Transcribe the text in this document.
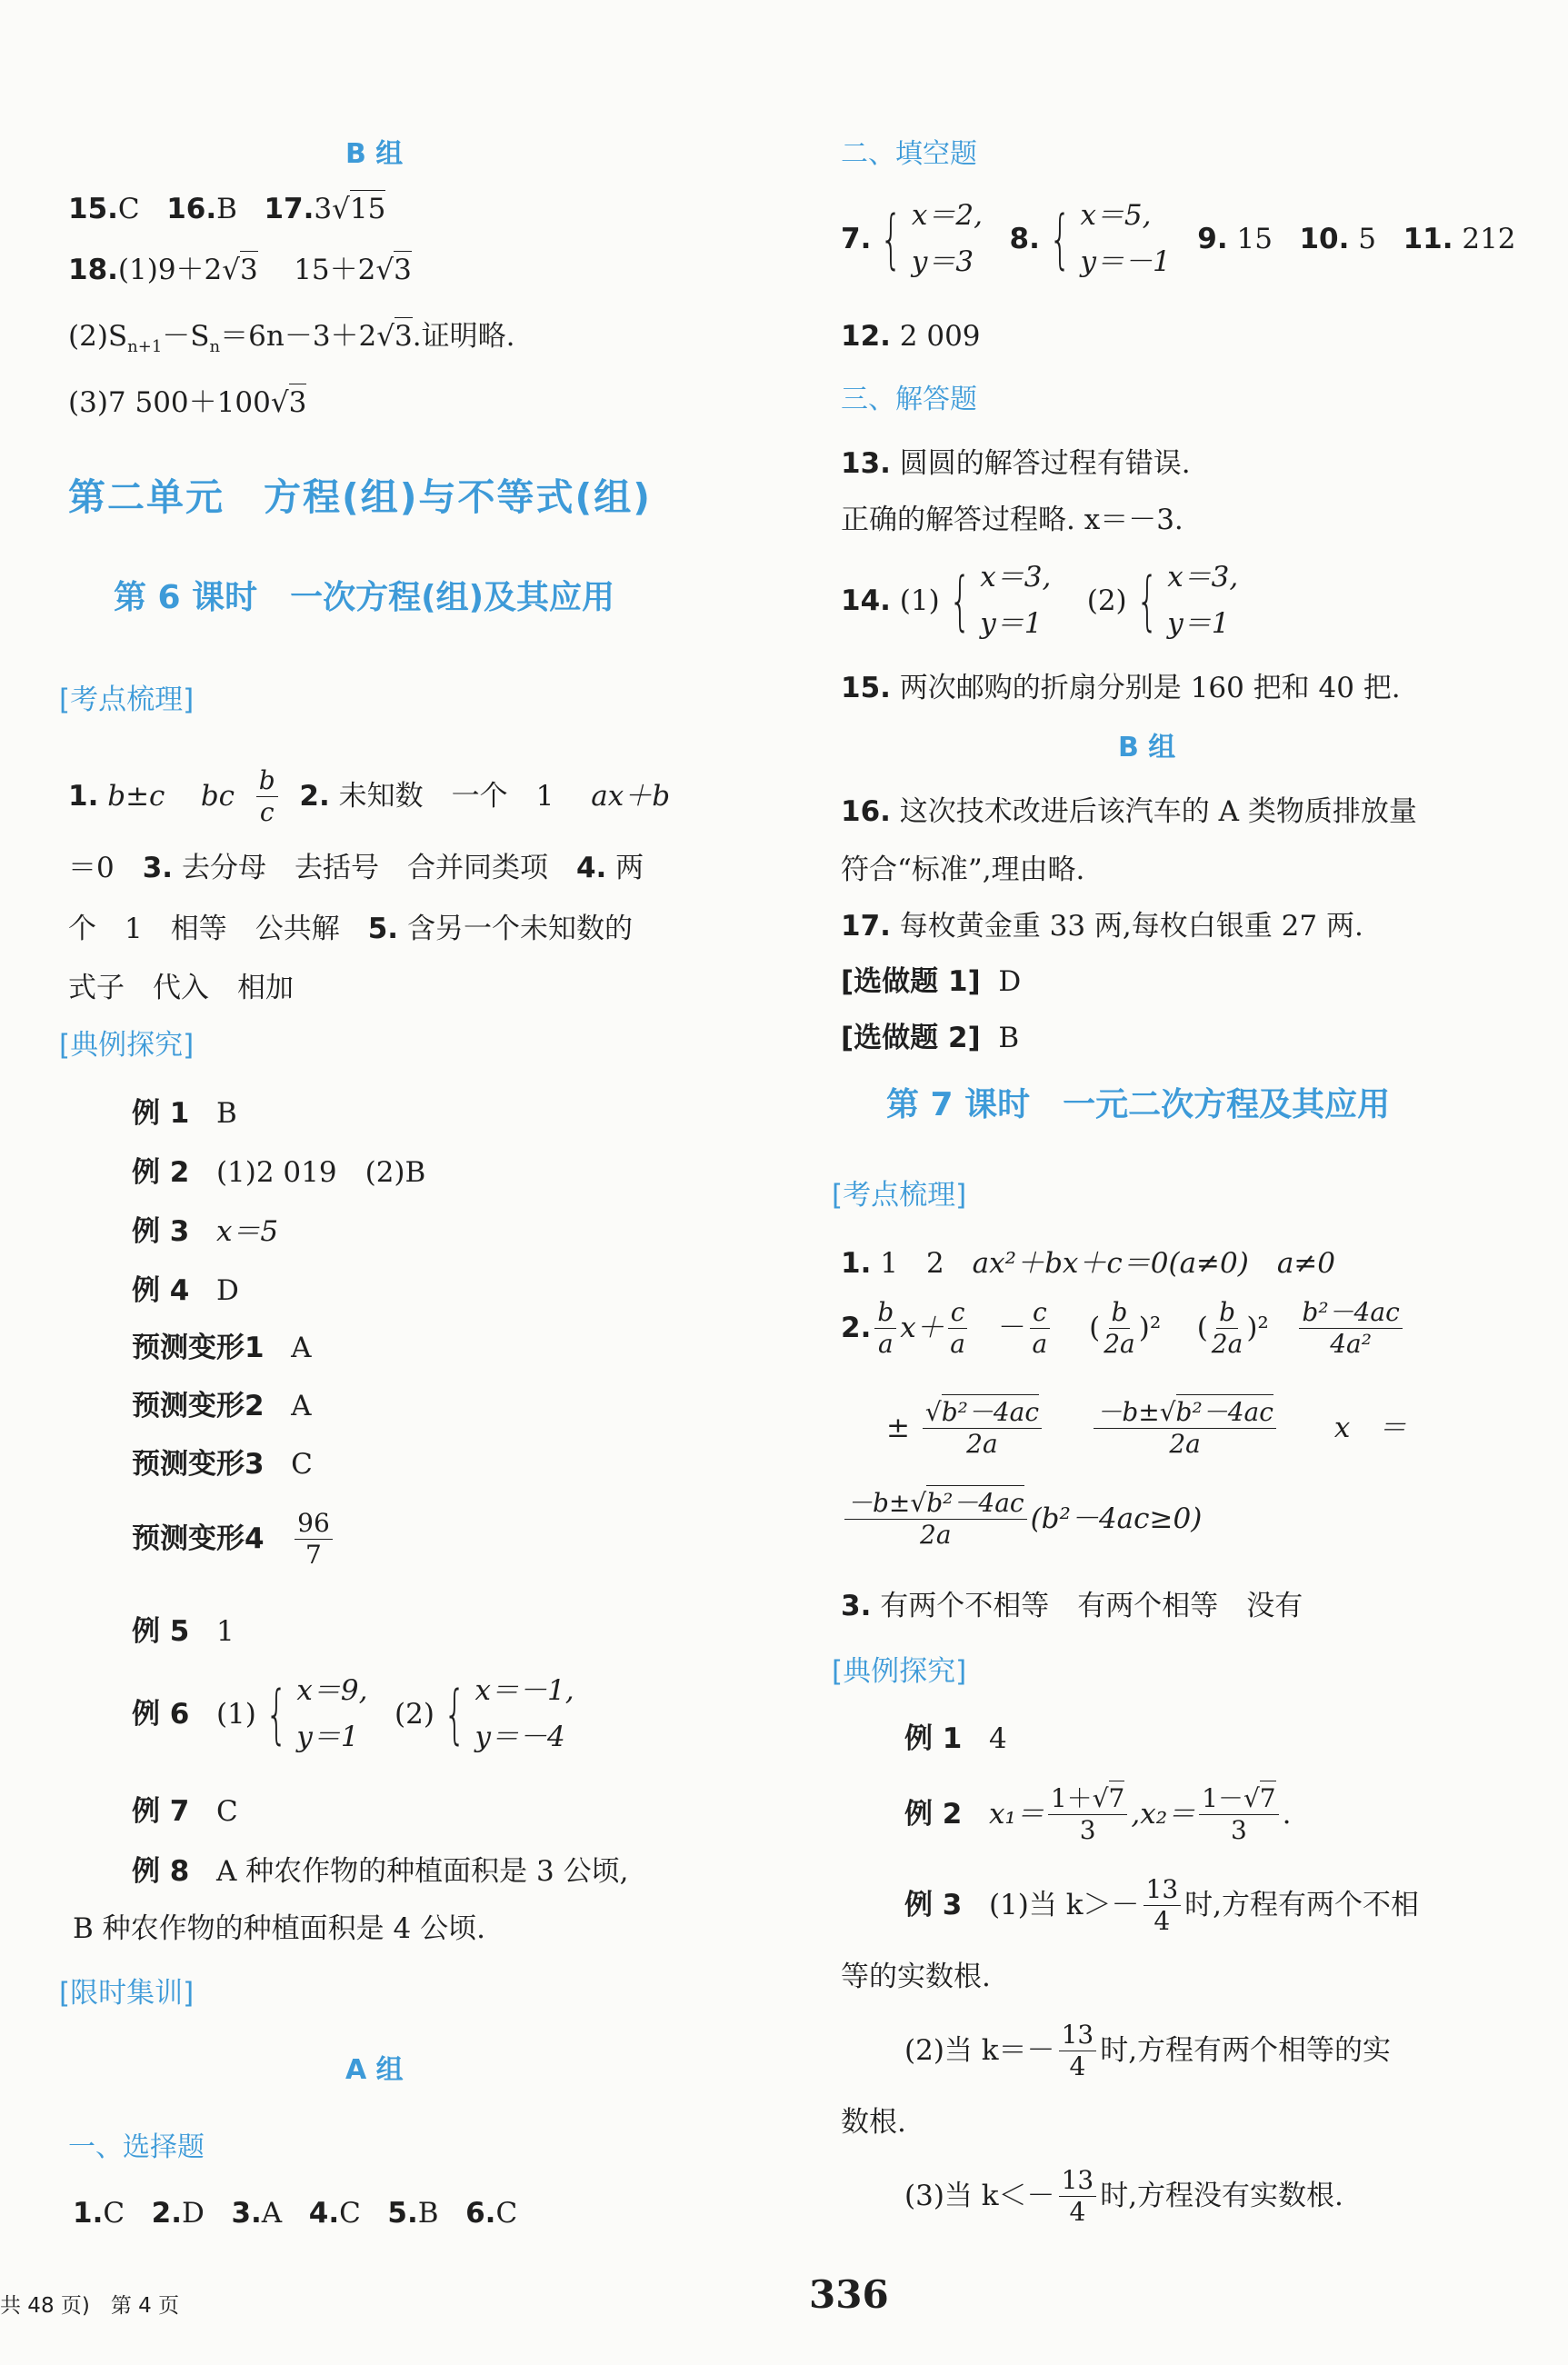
B 组
15.C 16.B 17.3√15
18.(1)9＋2√3 15＋2√3
$(2)S_{n+1}-S_n=6n-3+2√3$.证明略.
(3)7 500＋100√3
第二单元　方程(组)与不等式(组)
第 6 课时　一次方程(组)及其应用
[考点梳理]
1.
b±c
bc
$\frac{b}{c}$
2.
未知数　一个　1　
ax＋b
＝0　3. 去分母　去括号　合并同类项　4. 两
个　1　相等　公共解　5. 含另一个未知数的
式子　代入　相加
[典例探究]
例 1 B
例 2 (1)2 019　(2)B
例 3 x＝5
例 4 D
预测变形1 A
预测变形2 A
预测变形3 C
预测变形4
$\frac{96}{7}$
例 5 1
例 6
(1) { x＝9,
y＝1

(2) { x＝－1,
y＝－4
例 7 C
例 8 A 种农作物的种植面积是 3 公顷,
B 种农作物的种植面积是 4 公顷.
[限时集训]
A 组
一、选择题
1.C 2.D 3.A 4.C 5.B 6.C
二、填空题
7. { x＝2,
y＝3

8. { x＝5,
y＝－1

9.
15
10.
5
11.
212
12. 2 009
三、解答题
13. 圆圆的解答过程有错误.
正确的解答过程略. x＝－3.
14.
(1) { x＝3,
y＝1

(2) { x＝3,
y＝1
15. 两次邮购的折扇分别是 160 把和 40 把.
B 组
16. 这次技术改进后该汽车的 A 类物质排放量
符合“标准”,理由略.
17. 每枚黄金重 33 两,每枚白银重 27 两.
[选做题 1] D
[选做题 2] B
第 7 课时　一元二次方程及其应用
[考点梳理]
1. 1　2　ax²＋bx＋c＝0(a≠0)　a≠0
2. $\frac{b}{a} x+ \frac{c}{a}$
－ $\frac{c}{a}$ ( $\frac{b}{2a} )^2$    ( $\frac{b}{2a} )^2 \frac{\text{b²－4ac}}{\text{4a²}}$
±
$\frac{\text{√b²－4ac}}{2a}$
$\frac{\text{－b±√b²－4ac}}{2a}$ x　＝
$\frac{\text{－b±√b²－4ac}}{2a} (b^2-4ac\ge 0)$
3. 有两个不相等　有两个相等　没有
[典例探究]
例 1 4
例 2
$x_1= \frac{1+√7}{3} ,x_2= \frac{1-√7}{3}$ .
例 3
(1)当 $k>- \frac{13}{4}$ 时,方程有两个不相
等的实数根.
(2)当 $k=- \frac{13}{4}$ 时,方程有两个相等的实
数根.
(3)当 $k<- \frac{13}{4}$ 时,方程没有实数根.
共 48 页)　第 4 页	336
